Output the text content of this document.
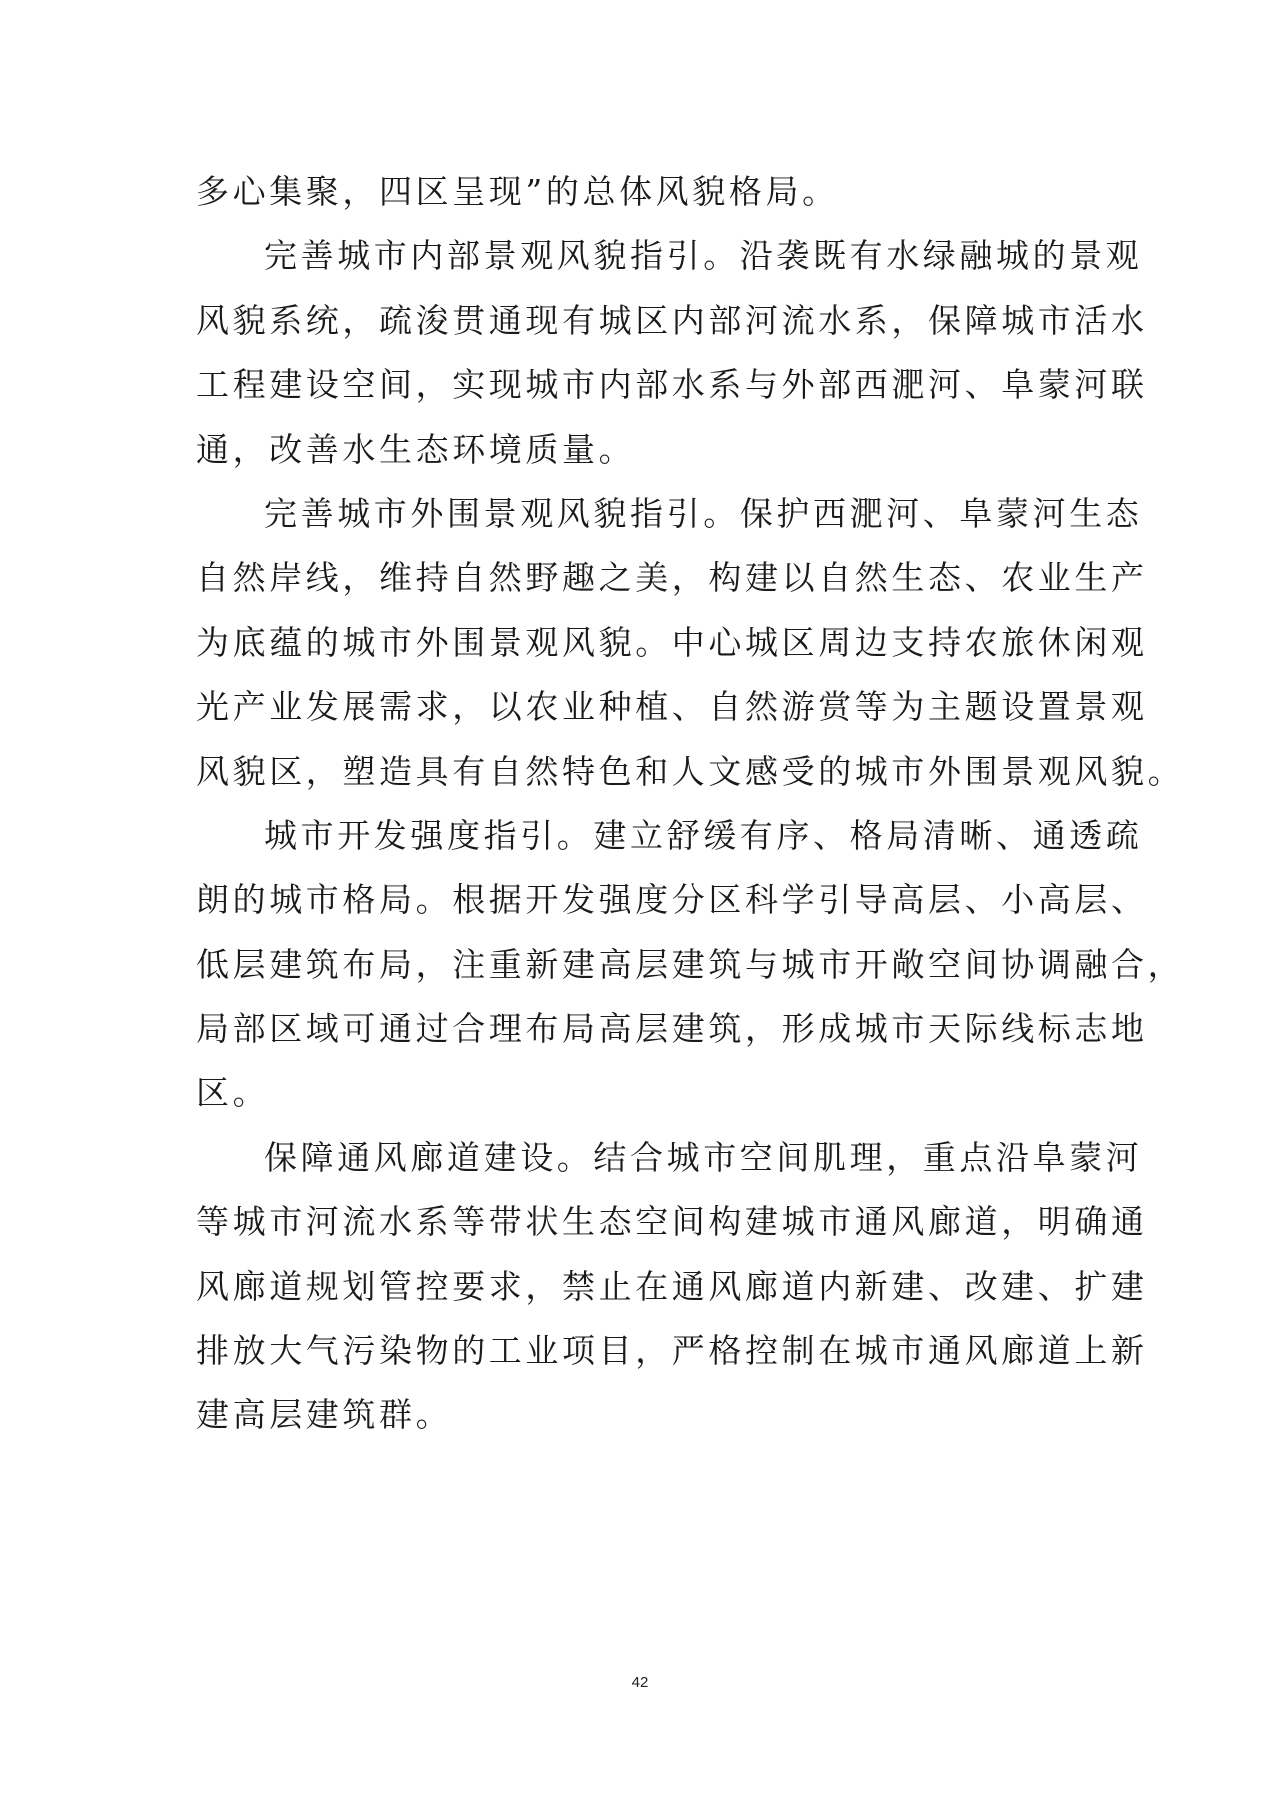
多心集聚，四区呈现”的总体风貌格局。
完善城市内部景观风貌指引。沿袭既有水绿融城的景观
风貌系统，疏浚贯通现有城区内部河流水系，保障城市活水
工程建设空间，实现城市内部水系与外部西淝河、阜蒙河联
通，改善水生态环境质量。
完善城市外围景观风貌指引。保护西淝河、阜蒙河生态
自然岸线，维持自然野趣之美，构建以自然生态、农业生产
为底蕴的城市外围景观风貌。中心城区周边支持农旅休闲观
光产业发展需求，以农业种植、自然游赏等为主题设置景观
风貌区，塑造具有自然特色和人文感受的城市外围景观风貌。
城市开发强度指引。建立舒缓有序、格局清晰、通透疏
朗的城市格局。根据开发强度分区科学引导高层、小高层、
低层建筑布局，注重新建高层建筑与城市开敞空间协调融合，
局部区域可通过合理布局高层建筑，形成城市天际线标志地
区。
保障通风廊道建设。结合城市空间肌理，重点沿阜蒙河
等城市河流水系等带状生态空间构建城市通风廊道，明确通
风廊道规划管控要求，禁止在通风廊道内新建、改建、扩建
排放大气污染物的工业项目，严格控制在城市通风廊道上新
建高层建筑群。
42
